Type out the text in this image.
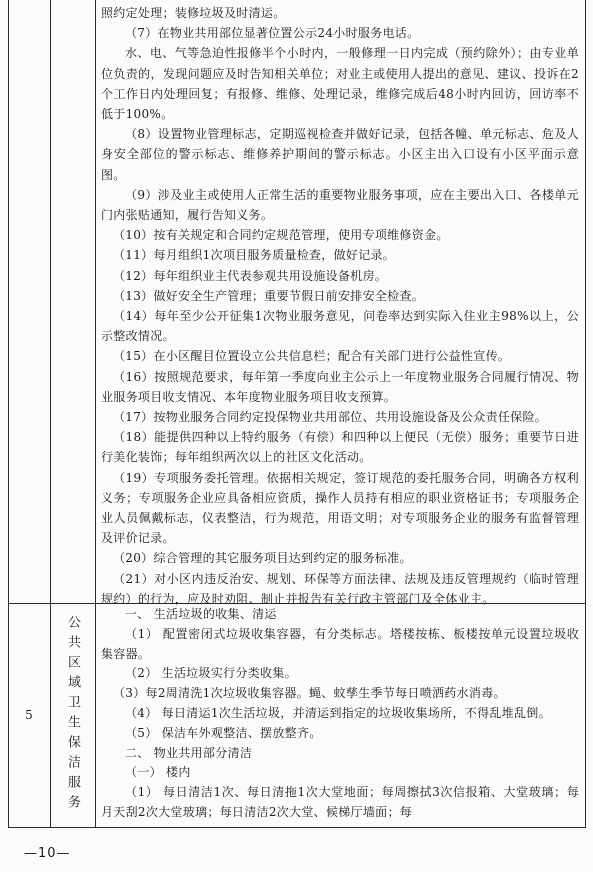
照约定处理；装修垃圾及时清运。

（7）在物业共用部位显著位置公示24小时服务电话。

水、电、气等急迫性报修半个小时内，一般修理一日内完成（预约除外）；由专业单位负责的，发现问题应及时告知相关单位；对业主或使用人提出的意见、建议、投诉在2个工作日内处理回复；有报修、维修、处理记录，维修完成后48小时内回访，回访率不低于100%。

（8）设置物业管理标志，定期巡视检查并做好记录，包括各幢、单元标志、危及人身安全部位的警示标志、维修养护期间的警示标志。小区主出入口设有小区平面示意图。

（9）涉及业主或使用人正常生活的重要物业服务事项，应在主要出入口、各楼单元门内张贴通知，履行告知义务。

（10）按有关规定和合同约定规范管理，使用专项维修资金。

（11）每月组织1次项目服务质量检查，做好记录。

（12）每年组织业主代表参观共用设施设备机房。

（13）做好安全生产管理；重要节假日前安排安全检查。

（14）每年至少公开征集1次物业服务意见，问卷率达到实际入住业主98%以上，公示整改情况。

（15）在小区醒目位置设立公共信息栏；配合有关部门进行公益性宣传。

（16）按照规范要求，每年第一季度向业主公示上一年度物业服务合同履行情况、物业服务项目收支情况、本年度物业服务项目收支预算。

（17）按物业服务合同约定投保物业共用部位、共用设施设备及公众责任保险。

（18）能提供四种以上特约服务（有偿）和四种以上便民（无偿）服务；重要节日进行美化装饰；每年组织两次以上的社区文化活动。

（19）专项服务委托管理。依据相关规定，签订规范的委托服务合同，明确各方权利义务；专项服务企业应具备相应资质，操作人员持有相应的职业资格证书；专项服务企业人员佩戴标志，仪表整洁，行为规范，用语文明；对专项服务企业的服务有监督管理及评价记录。

（20）综合管理的其它服务项目达到约定的服务标准。

（21）对小区内违反治安、规划、环保等方面法律、法规及违反管理规约（临时管理规约）的行为，应及时劝阻、制止并报告有关行政主管部门及全体业主。

5 公共区域卫生保洁服务

一、 生活垃圾的收集、清运

（1） 配置密闭式垃圾收集容器，有分类标志。塔楼按栋、板楼按单元设置垃圾收集容器。

（2） 生活垃圾实行分类收集。

（3）每2周清洗1次垃圾收集容器。蝇、蚊孳生季节每日喷洒药水消毒。

（4） 每日清运1次生活垃圾，并清运到指定的垃圾收集场所，不得乱堆乱倒。

（5） 保洁车外观整洁、摆放整齐。

二、 物业共用部分清洁

（一） 楼内

（1） 每日清洁1次、每日清拖1次大堂地面；每周擦拭3次信报箱、大堂玻璃；每月天刮2次大堂玻璃；每日清洁2次大堂、候梯厅墙面；每

—10—
